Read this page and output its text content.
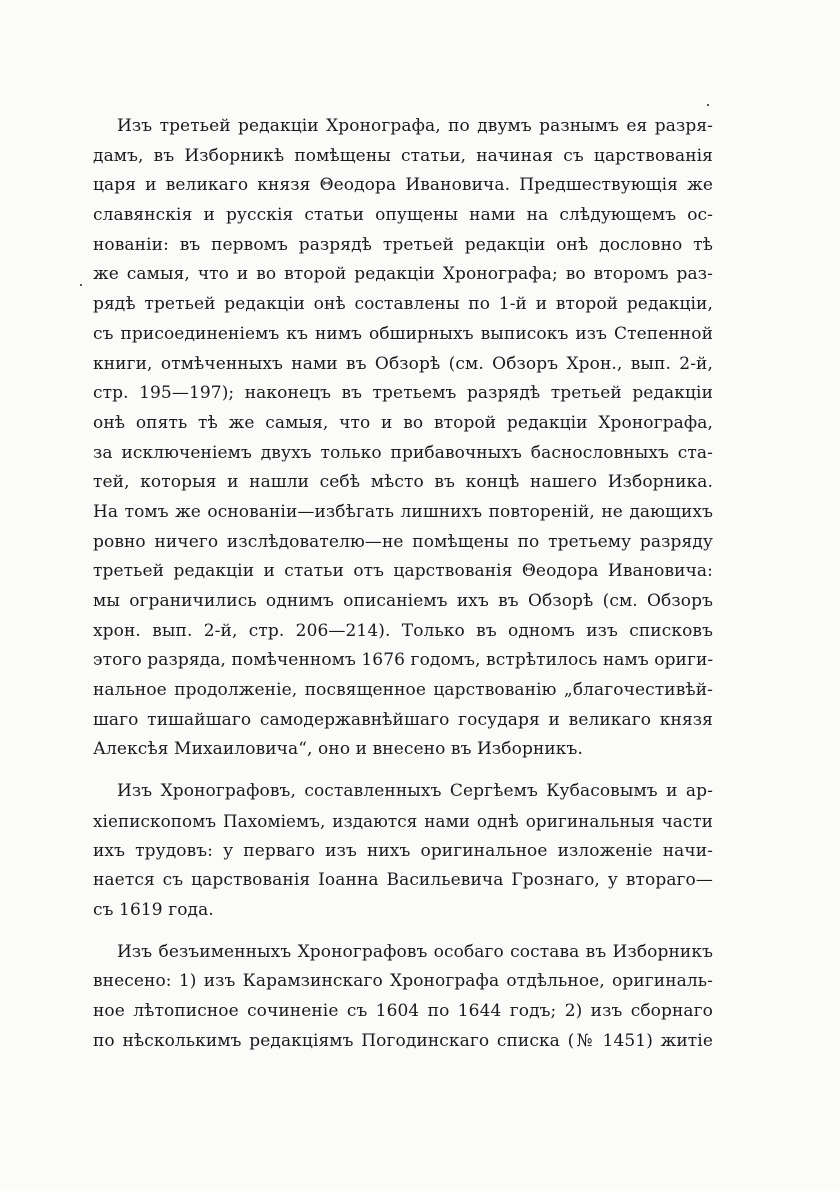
Изъ третьей редакціи Хронографа, по двумъ разнымъ ея разря-
дамъ, въ Изборникѣ помѣщены статьи, начиная съ царствованія
царя и великаго князя Θеодора Ивановича. Предшествующія же
славянскія и русскія статьи опущены нами на слѣдующемъ ос-
нованіи: въ первомъ разрядѣ третьей редакціи онѣ дословно тѣ
же самыя, что и во второй редакціи Хронографа; во второмъ раз-
рядѣ третьей редакціи онѣ составлены по 1-й и второй редакціи,
съ присоединеніемъ къ нимъ обширныхъ выписокъ изъ Степенной
книги, отмѣченныхъ нами въ Обзорѣ (см. Обзоръ Хрон., вып. 2-й,
стр. 195—197); наконецъ въ третьемъ разрядѣ третьей редакціи
онѣ опять тѣ же самыя, что и во второй редакціи Хронографа,
за исключеніемъ двухъ только прибавочныхъ баснословныхъ ста-
тей, которыя и нашли себѣ мѣсто въ концѣ нашего Изборника.
На томъ же основаніи—избѣгать лишнихъ повтореній, не дающихъ
ровно ничего изслѣдователю—не помѣщены по третьему разряду
третьей редакціи и статьи отъ царствованія Θеодора Ивановича:
мы ограничились однимъ описаніемъ ихъ въ Обзорѣ (см. Обзоръ
хрон. вып. 2-й, стр. 206—214). Только въ одномъ изъ списковъ
этого разряда, помѣченномъ 1676 годомъ, встрѣтилось намъ ориги-
нальное продолженіе, посвященное царствованію „благочестивѣй-
шаго тишайшаго самодержавнѣйшаго государя и великаго князя
Алексѣя Михаиловича“, оно и внесено въ Изборникъ.

Изъ Хронографовъ, составленныхъ Сергѣемъ Кубасовымъ и ар-
хіепископомъ Пахоміемъ, издаются нами однѣ оригинальныя части
ихъ трудовъ: у перваго изъ нихъ оригинальное изложеніе начи-
нается съ царствованія Іоанна Васильевича Грознаго, у втораго—
съ 1619 года.

Изъ безъименныхъ Хронографовъ особаго состава въ Изборникъ
внесено: 1) изъ Карамзинскаго Хронографа отдѣльное, оригиналь-
ное лѣтописное сочиненіе съ 1604 по 1644 годъ; 2) изъ сборнаго
по нѣсколькимъ редакціямъ Погодинскаго списка (№ 1451) житіе
